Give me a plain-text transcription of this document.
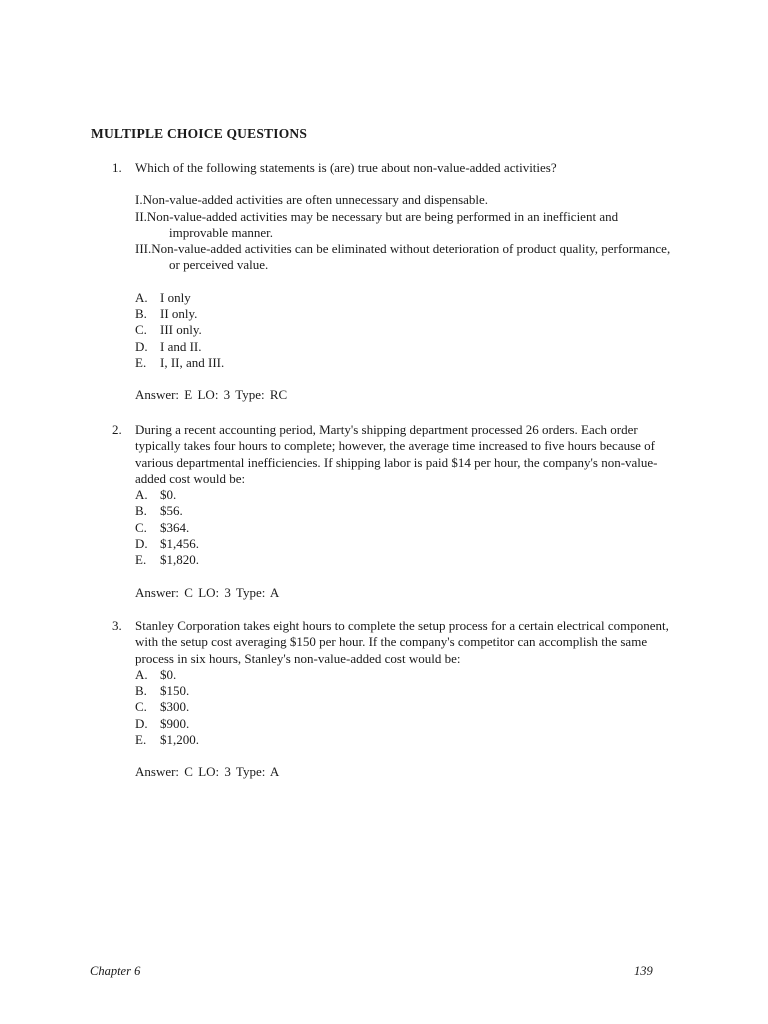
MULTIPLE CHOICE QUESTIONS
1. Which of the following statements is (are) true about non-value-added activities?
I.Non-value-added activities are often unnecessary and dispensable.
II.Non-value-added activities may be necessary but are being performed in an inefficient and improvable manner.
III.Non-value-added activities can be eliminated without deterioration of product quality, performance, or perceived value.
A. I only
B.	II only.
C.	III only.
D. I and II.
E.	I, II, and III.
Answer: E LO: 3 Type: RC
2. During a recent accounting period, Marty's shipping department processed 26 orders. Each order typically takes four hours to complete; however, the average time increased to five hours because of various departmental inefficiencies. If shipping labor is paid $14 per hour, the company's non-value-added cost would be:
A. $0.
B.	$56.
C.	$364.
D. $1,456.
E.	$1,820.
Answer: C LO: 3 Type: A
3. Stanley Corporation takes eight hours to complete the setup process for a certain electrical component, with the setup cost averaging $150 per hour. If the company's competitor can accomplish the same process in six hours, Stanley's non-value-added cost would be:
A. $0.
B.	$150.
C.	$300.
D. $900.
E.	$1,200.
Answer: C LO: 3 Type: A
Chapter 6	139
